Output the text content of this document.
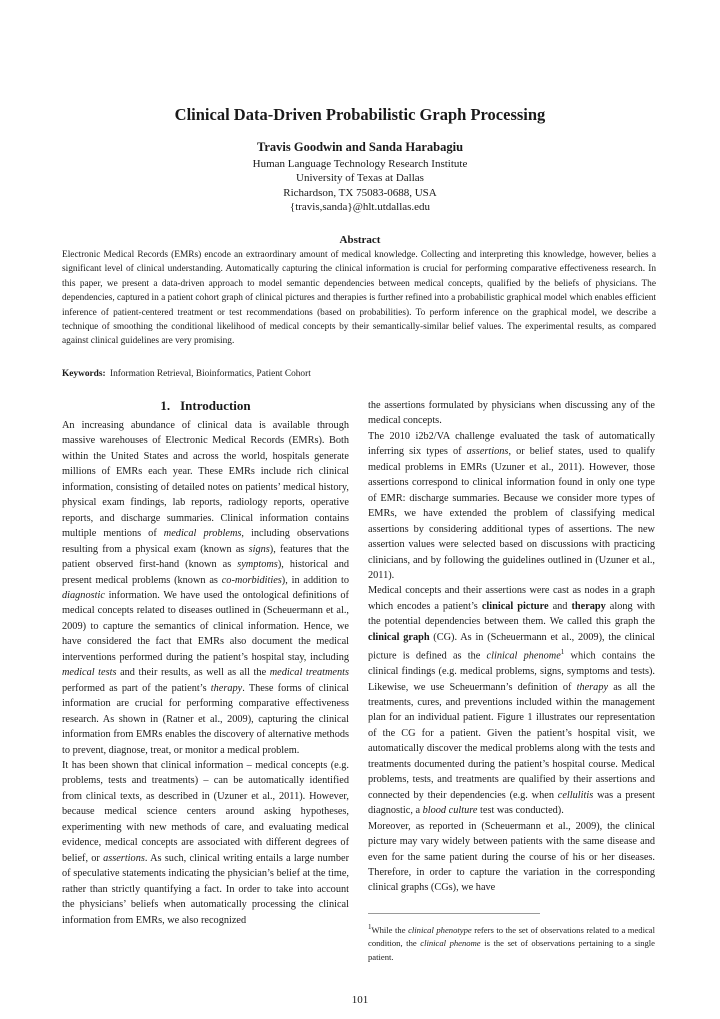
Clinical Data-Driven Probabilistic Graph Processing
Travis Goodwin and Sanda Harabagiu
Human Language Technology Research Institute
University of Texas at Dallas
Richardson, TX 75083-0688, USA
{travis,sanda}@hlt.utdallas.edu
Abstract
Electronic Medical Records (EMRs) encode an extraordinary amount of medical knowledge. Collecting and interpreting this knowledge, however, belies a significant level of clinical understanding. Automatically capturing the clinical information is crucial for performing comparative effectiveness research. In this paper, we present a data-driven approach to model semantic dependencies between medical concepts, qualified by the beliefs of physicians. The dependencies, captured in a patient cohort graph of clinical pictures and therapies is further refined into a probabilistic graphical model which enables efficient inference of patient-centered treatment or test recommendations (based on probabilities). To perform inference on the graphical model, we describe a technique of smoothing the conditional likelihood of medical concepts by their semantically-similar belief values. The experimental results, as compared against clinical guidelines are very promising.
Keywords: Information Retrieval, Bioinformatics, Patient Cohort
1. Introduction

An increasing abundance of clinical data is available through massive warehouses of Electronic Medical Records (EMRs). Both within the United States and across the world, hospitals generate millions of EMRs each year. These EMRs include rich clinical information, consisting of detailed notes on patients’ medical history, physical exam findings, lab reports, radiology reports, operative reports, and discharge summaries. Clinical information contains multiple mentions of medical problems, including observations resulting from a physical exam (known as signs), features that the patient observed first-hand (known as symptoms), historical and present medical problems (known as co-morbidities), in addition to diagnostic information. We have used the ontological definitions of medical concepts related to diseases outlined in (Scheuermann et al., 2009) to capture the semantics of clinical information. Hence, we have considered the fact that EMRs also document the medical interventions performed during the patient’s hospital stay, including medical tests and their results, as well as all the medical treatments performed as part of the patient’s therapy. These forms of clinical information are crucial for performing comparative effectiveness research. As shown in (Ratner et al., 2009), capturing the clinical information from EMRs enables the discovery of alternative methods to prevent, diagnose, treat, or monitor a medical problem.
It has been shown that clinical information – medical concepts (e.g. problems, tests and treatments) – can be automatically identified from clinical texts, as described in (Uzuner et al., 2011). However, because medical science centers around asking hypotheses, experimenting with new methods of care, and evaluating medical evidence, medical concepts are associated with different degrees of belief, or assertions. As such, clinical writing entails a large number of speculative statements indicating the physician’s belief at the time, rather than strictly quantifying a fact. In order to take into account the physicians’ beliefs when automatically processing the clinical information from EMRs, we also recognized

the assertions formulated by physicians when discussing any of the medical concepts.
The 2010 i2b2/VA challenge evaluated the task of automatically inferring six types of assertions, or belief states, used to qualify medical problems in EMRs (Uzuner et al., 2011). However, those assertions correspond to clinical information found in only one type of EMR: discharge summaries. Because we consider more types of EMRs, we have extended the problem of classifying medical assertions by considering additional types of assertions. The new assertion values were selected based on discussions with practicing clinicians, and by following the guidelines outlined in (Uzuner et al., 2011).
Medical concepts and their assertions were cast as nodes in a graph which encodes a patient’s clinical picture and therapy along with the potential dependencies between them. We called this graph the clinical graph (CG). As in (Scheuermann et al., 2009), the clinical picture is defined as the clinical phenome$^1$ which contains the clinical findings (e.g. medical problems, signs, symptoms and tests). Likewise, we use Scheuermann’s definition of therapy as all the treatments, cures, and preventions included within the management plan for an individual patient. Figure 1 illustrates our representation of the CG for a patient. Given the patient’s hospital visit, we automatically discover the medical problems along with the tests and treatments documented during the patient’s hospital course. Medical problems, tests, and treatments are qualified by their assertions and connected by their dependencies (e.g. when cellulitis was a present diagnostic, a blood culture test was conducted).
Moreover, as reported in (Scheuermann et al., 2009), the clinical picture may vary widely between patients with the same disease and even for the same patient during the course of his or her diseases. Therefore, in order to capture the variation in the corresponding clinical graphs (CGs), we have

$^1$While the clinical phenotype refers to the set of observations related to a medical condition, the clinical phenome is the set of observations pertaining to a single patient.
101
